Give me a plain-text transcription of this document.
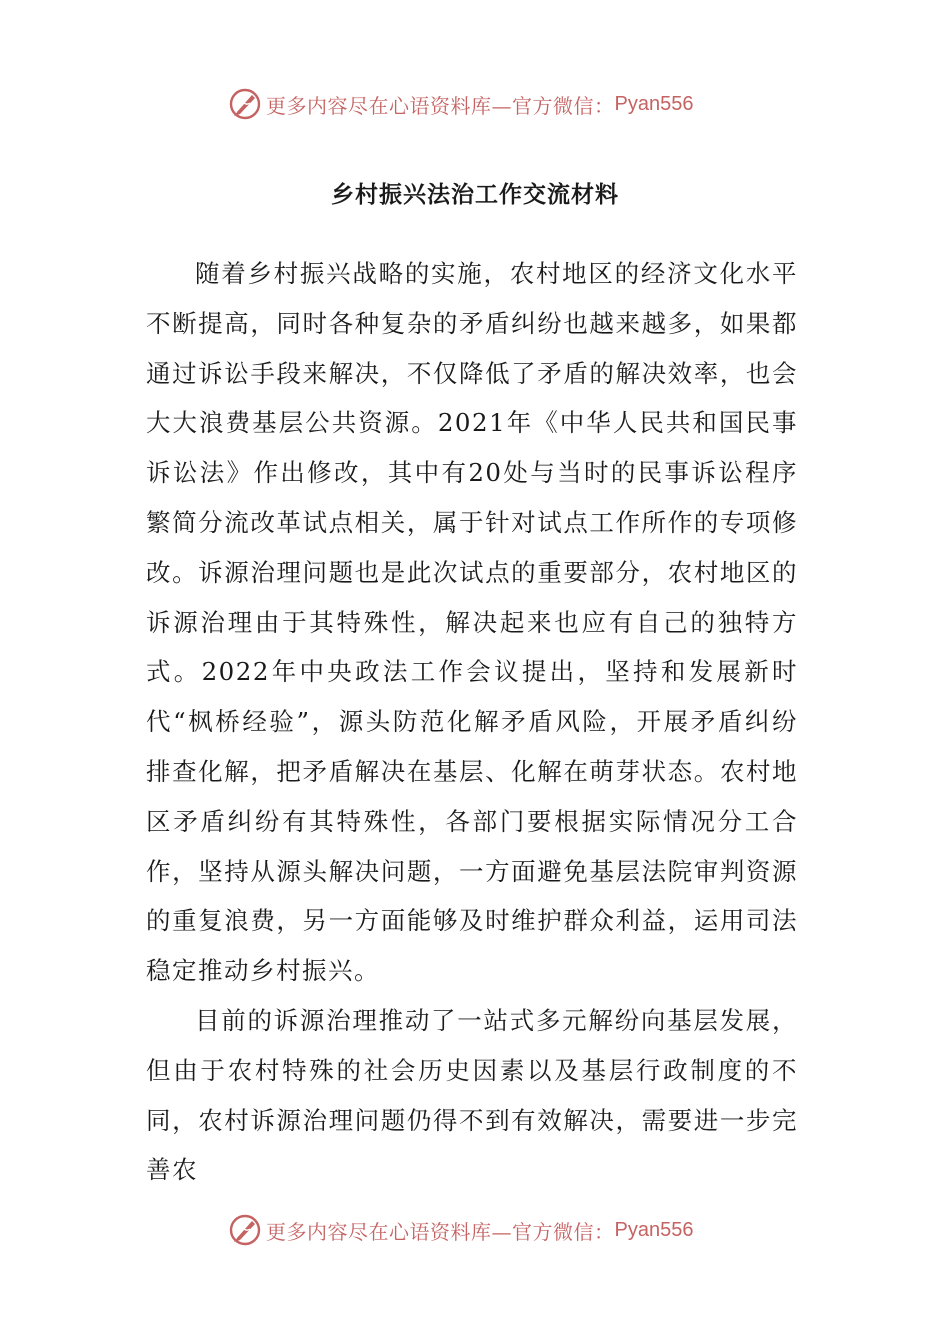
更多内容尽在心语资料库—官方微信： Pyan556
乡村振兴法治工作交流材料

随着乡村振兴战略的实施，农村地区的经济文化水平不断提高，同时各种复杂的矛盾纠纷也越来越多，如果都通过诉讼手段来解决，不仅降低了矛盾的解决效率，也会大大浪费基层公共资源。2021年《中华人民共和国民事诉讼法》作出修改，其中有20处与当时的民事诉讼程序繁简分流改革试点相关，属于针对试点工作所作的专项修改。诉源治理问题也是此次试点的重要部分，农村地区的诉源治理由于其特殊性，解决起来也应有自己的独特方式。2022年中央政法工作会议提出，坚持和发展新时代“枫桥经验”，源头防范化解矛盾风险，开展矛盾纠纷排查化解，把矛盾解决在基层、化解在萌芽状态。农村地区矛盾纠纷有其特殊性，各部门要根据实际情况分工合作，坚持从源头解决问题，一方面避免基层法院审判资源的重复浪费，另一方面能够及时维护群众利益，运用司法稳定推动乡村振兴。

目前的诉源治理推动了一站式多元解纷向基层发展，但由于农村特殊的社会历史因素以及基层行政制度的不同，农村诉源治理问题仍得不到有效解决，需要进一步完善农

更多内容尽在心语资料库—官方微信： Pyan556
